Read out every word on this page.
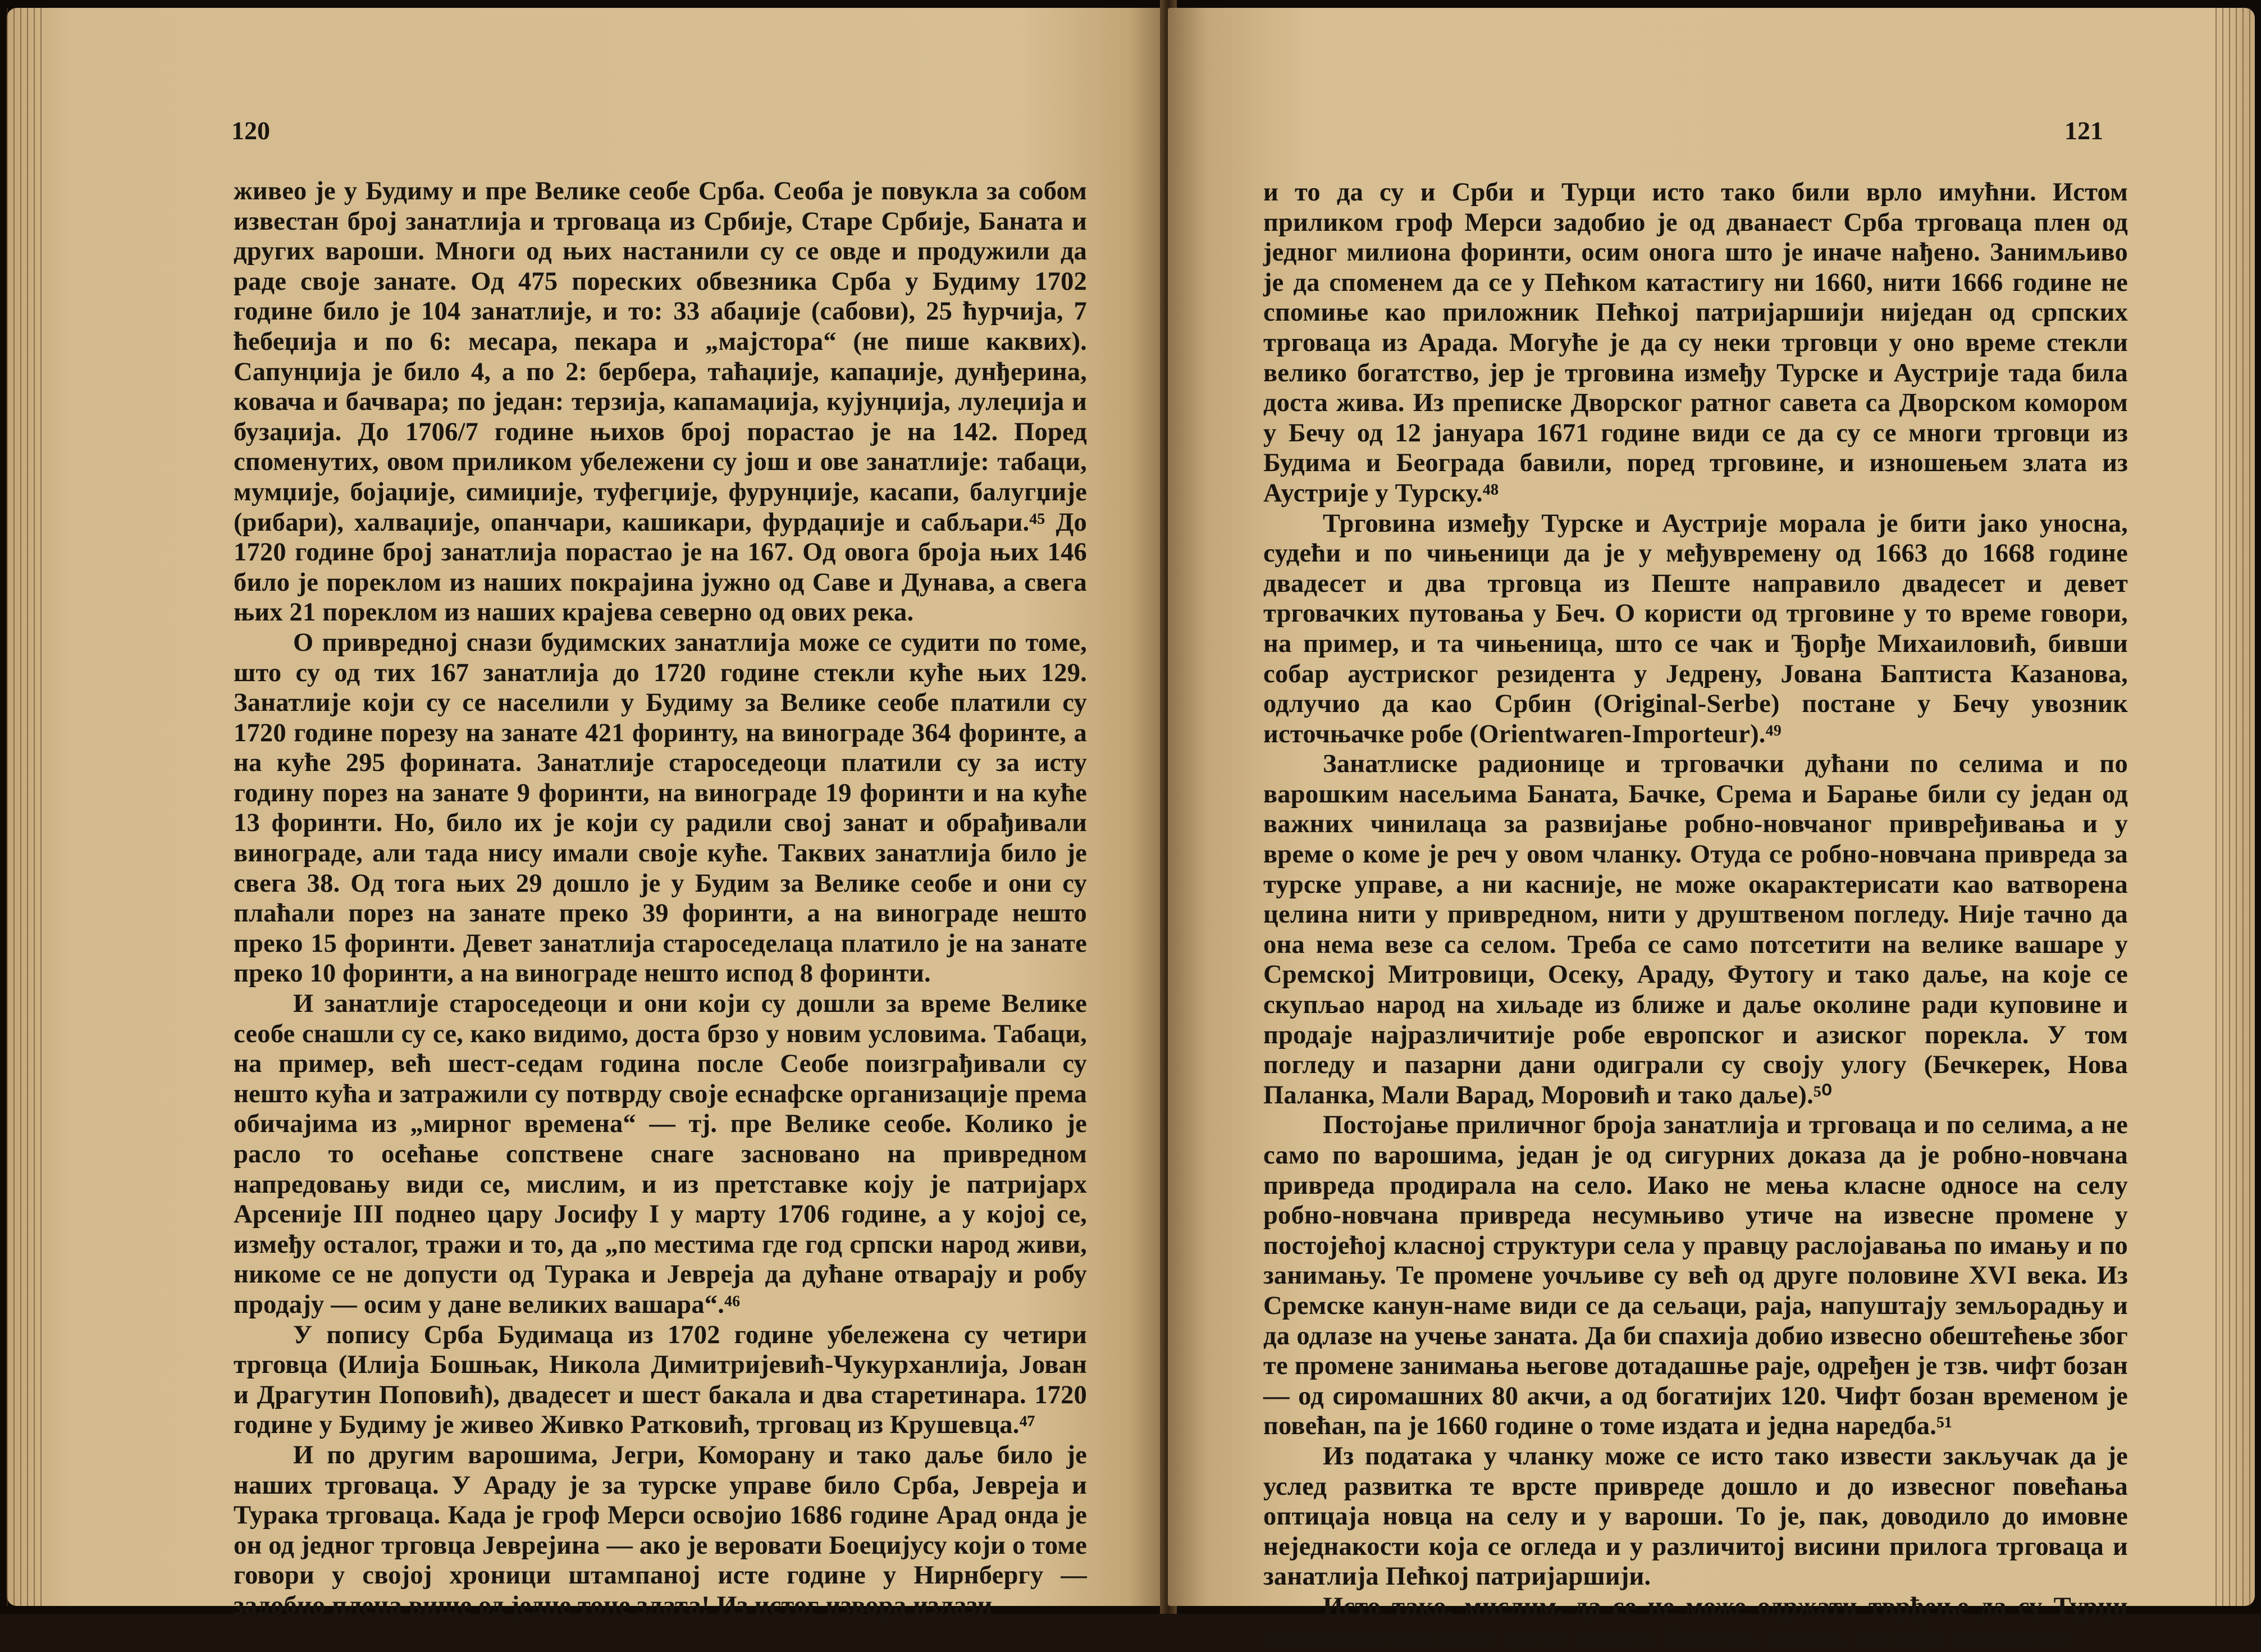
120

живео је у Будиму и пре Велике сеобе Срба. Сеоба је повукла за собом известан број занатлија и трговаца из Србије, Старе Србије, Баната и других вароши. Многи од њих настанили су се овде и продужили да раде своје занате. Од 475 пореских обвезника Срба у Будиму 1702 године било је 104 занатлије, и то: 33 абаџије (сабови), 25 ћурчија, 7 ћебеџија и по 6: месара, пекара и „мајстора“ (не пише каквих). Сапунџија је било 4, а по 2: бербера, таћаџије, капаџије, дунђерина, ковача и бачвара; по један: терзија, капамаџија, кујунџија, лулеџија и бузаџија. До 1706/7 године њихов број порастао је на 142. Поред споменутих, овом приликом убележени су још и ове занатлије: табаци, мумџије, бојаџије, симиџије, туфегџије, фурунџије, касапи, балугџије (рибари), халваџије, опанчари, кашикари, фурдаџије и сабљари.⁴⁵ До 1720 године број занатлија порастао је на 167. Од овога броја њих 146 било је пореклом из наших покрајина јужно од Саве и Дунава, а свега њих 21 пореклом из наших крајева северно од ових река.

О привредној снази будимских занатлија може се судити по томе, што су од тих 167 занатлија до 1720 године стекли куће њих 129. Занатлије који су се населили у Будиму за Велике сеобе платили су 1720 године порезу на занате 421 форинту, на винограде 364 форинте, а на куће 295 форината. Занатлије староседеоци платили су за исту годину порез на занате 9 форинти, на винограде 19 форинти и на куће 13 форинти. Но, било их је који су радили свој занат и обрађивали винограде, али тада нису имали своје куће. Таквих занатлија било је свега 38. Од тога њих 29 дошло је у Будим за Велике сеобе и они су плаћали порез на занате преко 39 форинти, а на винограде нешто преко 15 форинти. Девет занатлија староседелаца платило је на занате преко 10 форинти, а на винограде нешто испод 8 форинти.

И занатлије староседеоци и они који су дошли за време Велике сеобе снашли су се, како видимо, доста брзо у новим условима. Табаци, на пример, већ шест-седам година после Сеобе поизграђивали су нешто кућа и затражили су потврду своје еснафске организације према обичајима из „мирног времена“ — тј. пре Велике сеобе. Колико је расло то осећање сопствене снаге засновано на привредном напредовању види се, мислим, и из претставке коју је патријарх Арсеније III поднео цару Јосифу I у марту 1706 године, а у којој се, између осталог, тражи и то, да „по местима где год српски народ живи, никоме се не допусти од Турака и Јевреја да дућане отварају и робу продају — осим у дане великих вашара“.⁴⁶

У попису Срба Будимаца из 1702 године убележена су четири трговца (Илија Бошњак, Никола Димитријевић-Чукурханлија, Јован и Драгутин Поповић), двадесет и шест бакала и два старетинара. 1720 године у Будиму је живео Живко Ратковић, трговац из Крушевца.⁴⁷

И по другим варошима, Јегри, Коморану и тако даље било је наших трговаца. У Араду је за турске управе било Срба, Јевреја и Турака трговаца. Када је гроф Мерси освојио 1686 године Арад онда је он од једног трговца Јеврејина — ако је веровати Боецијусу који о томе говори у својој хроници штампаној исте године у Нирнбергу — задобио плена више од једне тоне злата! Из истог извора излази

121

и то да су и Срби и Турци исто тако били врло имућни. Истом приликом гроф Мерси задобио је од дванаест Срба трговаца плен од једног милиона форинти, осим онога што је иначе нађено. Занимљиво је да споменем да се у Пећком катастигу ни 1660, нити 1666 године не спомиње као приложник Пећкој патријаршији ниједан од српских трговаца из Арада. Могуће је да су неки трговци у оно време стекли велико богатство, јер је трговина између Турске и Аустрије тада била доста жива. Из преписке Дворског ратног савета са Дворском комором у Бечу од 12 јануара 1671 године види се да су се многи трговци из Будима и Београда бавили, поред трговине, и изношењем злата из Аустрије у Турску.⁴⁸

Трговина између Турске и Аустрије морала је бити јако уносна, судећи и по чињеници да је у међувремену од 1663 до 1668 године двадесет и два трговца из Пеште направило двадесет и девет трговачких путовања у Беч. О користи од трговине у то време говори, на пример, и та чињеница, што се чак и Ђорђе Михаиловић, бивши собар аустриског резидента у Једрену, Јована Баптиста Казанова, одлучио да као Србин (Original-Serbe) постане у Бечу увозник источњачке робе (Orientwaren-Importeur).⁴⁹

Занатлиске радионице и трговачки дућани по селима и по варошким насељима Баната, Бачке, Срема и Барање били су један од важних чинилаца за развијање робно-новчаног привређивања и у време о коме је реч у овом чланку. Отуда се робно-новчана привреда за турске управе, а ни касније, не може окарактерисати као ватворена целина нити у привредном, нити у друштвеном погледу. Није тачно да она нема везе са селом. Треба се само потсетити на велике вашаре у Сремској Митровици, Осеку, Араду, Футогу и тако даље, на које се скупљао народ на хиљаде из ближе и даље околине ради куповине и продаје најразличитије робе европског и азиског порекла. У том погледу и пазарни дани одиграли су своју улогу (Бечкерек, Нова Паланка, Мали Варад, Моровић и тако даље).⁵⁰

Постојање приличног броја занатлија и трговаца и по селима, а не само по варошима, један је од сигурних доказа да је робно-новчана привреда продирала на село. Иако не мења класне односе на селу робно-новчана привреда несумњиво утиче на извесне промене у постојећој класној структури села у правцу раслојавања по имању и по занимању. Те промене уочљиве су већ од друге половине XVI века. Из Сремске канун-наме види се да сељаци, раја, напуштају земљорадњу и да одлазе на учење заната. Да би спахија добио извесно обештећење због те промене занимања његове дотадашње раје, одређен је тзв. чифт бозан — од сиромашних 80 акчи, а од богатијих 120. Чифт бозан временом је повећан, па је 1660 године о томе издата и једна наредба.⁵¹

Из података у чланку може се исто тако извести закључак да је услед развитка те врсте привреде дошло и до извесног повећања оптицаја новца на селу и у вароши. То је, пак, доводило до имовне неједнакости која се огледа и у различитој висини прилога трговаца и занатлија Пећкој патријаршији.

Исто тако, мислим, да се не може одржати тврђење да су Турци монополисали неке врсте заната. Код нас, наиме, постоји мишљење
